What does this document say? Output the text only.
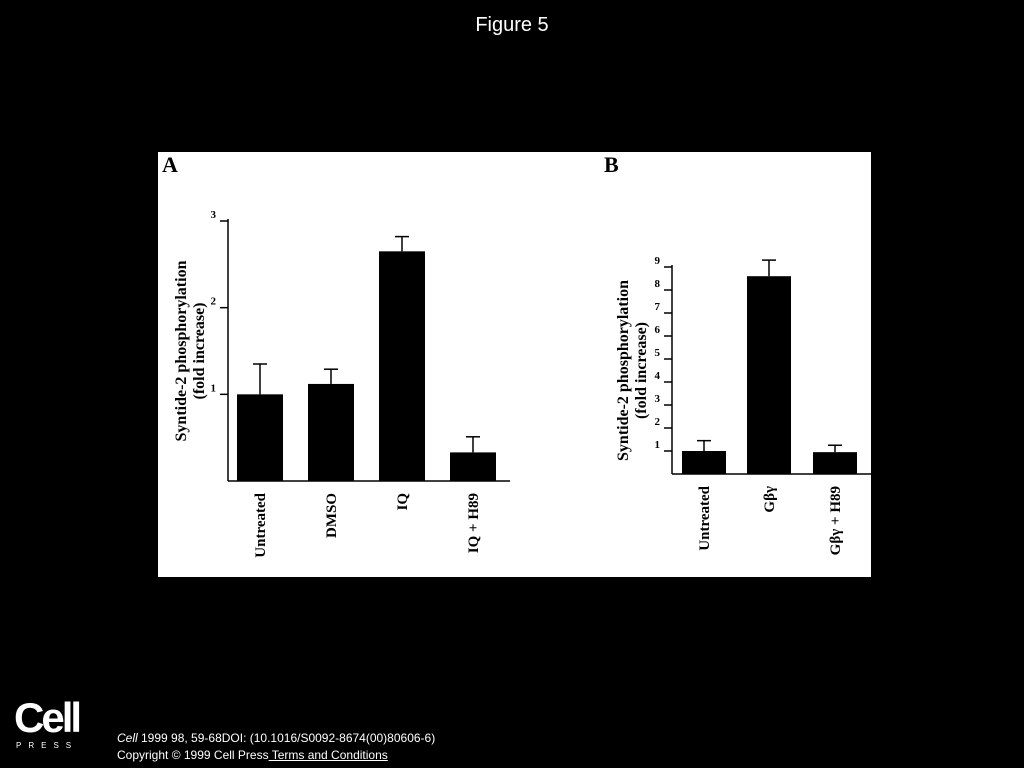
Figure 5
A
1
2
3
Syntide-2 phosphorylation (fold increase)
Untreated	DMSO	IQ	IQ + H89
B
1
2
3
4
5
6
7
8
9
Syntide-2 phosphorylation (fold increase)
Untreated	Gβγ	Gβγ + H89
Cell
PRESS
Cell 1999 98, 59-68DOI: (10.1016/S0092-8674(00)80606-6)
Copyright © 1999 Cell Press Terms and Conditions
